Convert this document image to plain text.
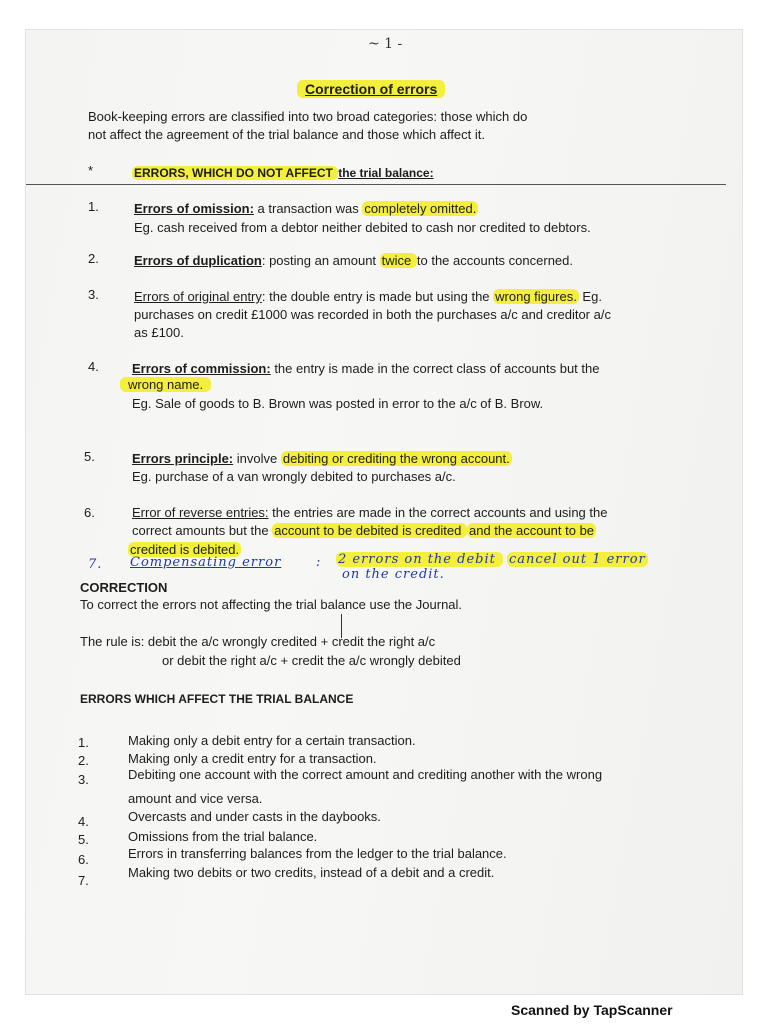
~ 1 -
Correction of errors
Book-keeping errors are classified into two broad categories: those which do
not affect the agreement of the trial balance and those which affect it.
*	ERRORS, WHICH DO NOT AFFECT the trial balance:
1.	Errors of omission: a transaction was completely omitted.
Eg. cash received from a debtor neither debited to cash nor credited to debtors.
2.	Errors of duplication: posting an amount twice to the accounts concerned.
3.	Errors of original entry: the double entry is made but using the wrong figures. Eg.
purchases on credit £1000 was recorded in both the purchases a/c and creditor a/c
as £100.
4.	Errors of commission: the entry is made in the correct class of accounts but the
wrong name.
Eg. Sale of goods to B. Brown was posted in error to the a/c of B. Brow.
5.	Errors principle: involve debiting or crediting the wrong account.
Eg. purchase of a van wrongly debited to purchases a/c.
6.	Error of reverse entries: the entries are made in the correct accounts and using the
correct amounts but the account to be debited is credited and the account to be
credited is debited.
7. Compensating error	: 2 errors on the debit cancel out 1 error
on the credit.
CORRECTION
To correct the errors not affecting the trial balance use the Journal.
The rule is: debit the a/c wrongly credited + credit the right a/c
or debit the right a/c + credit the a/c wrongly debited
ERRORS WHICH AFFECT THE TRIAL BALANCE
1.	Making only a debit entry for a certain transaction.
2.	Making only a credit entry for a transaction.
3.	Debiting one account with the correct amount and crediting another with the wrong
amount and vice versa.
4.	Overcasts and under casts in the daybooks.
5.	Omissions from the trial balance.
6.	Errors in transferring balances from the ledger to the trial balance.
7.
Making two debits or two credits, instead of a debit and a credit.
Scanned by TapScanner
